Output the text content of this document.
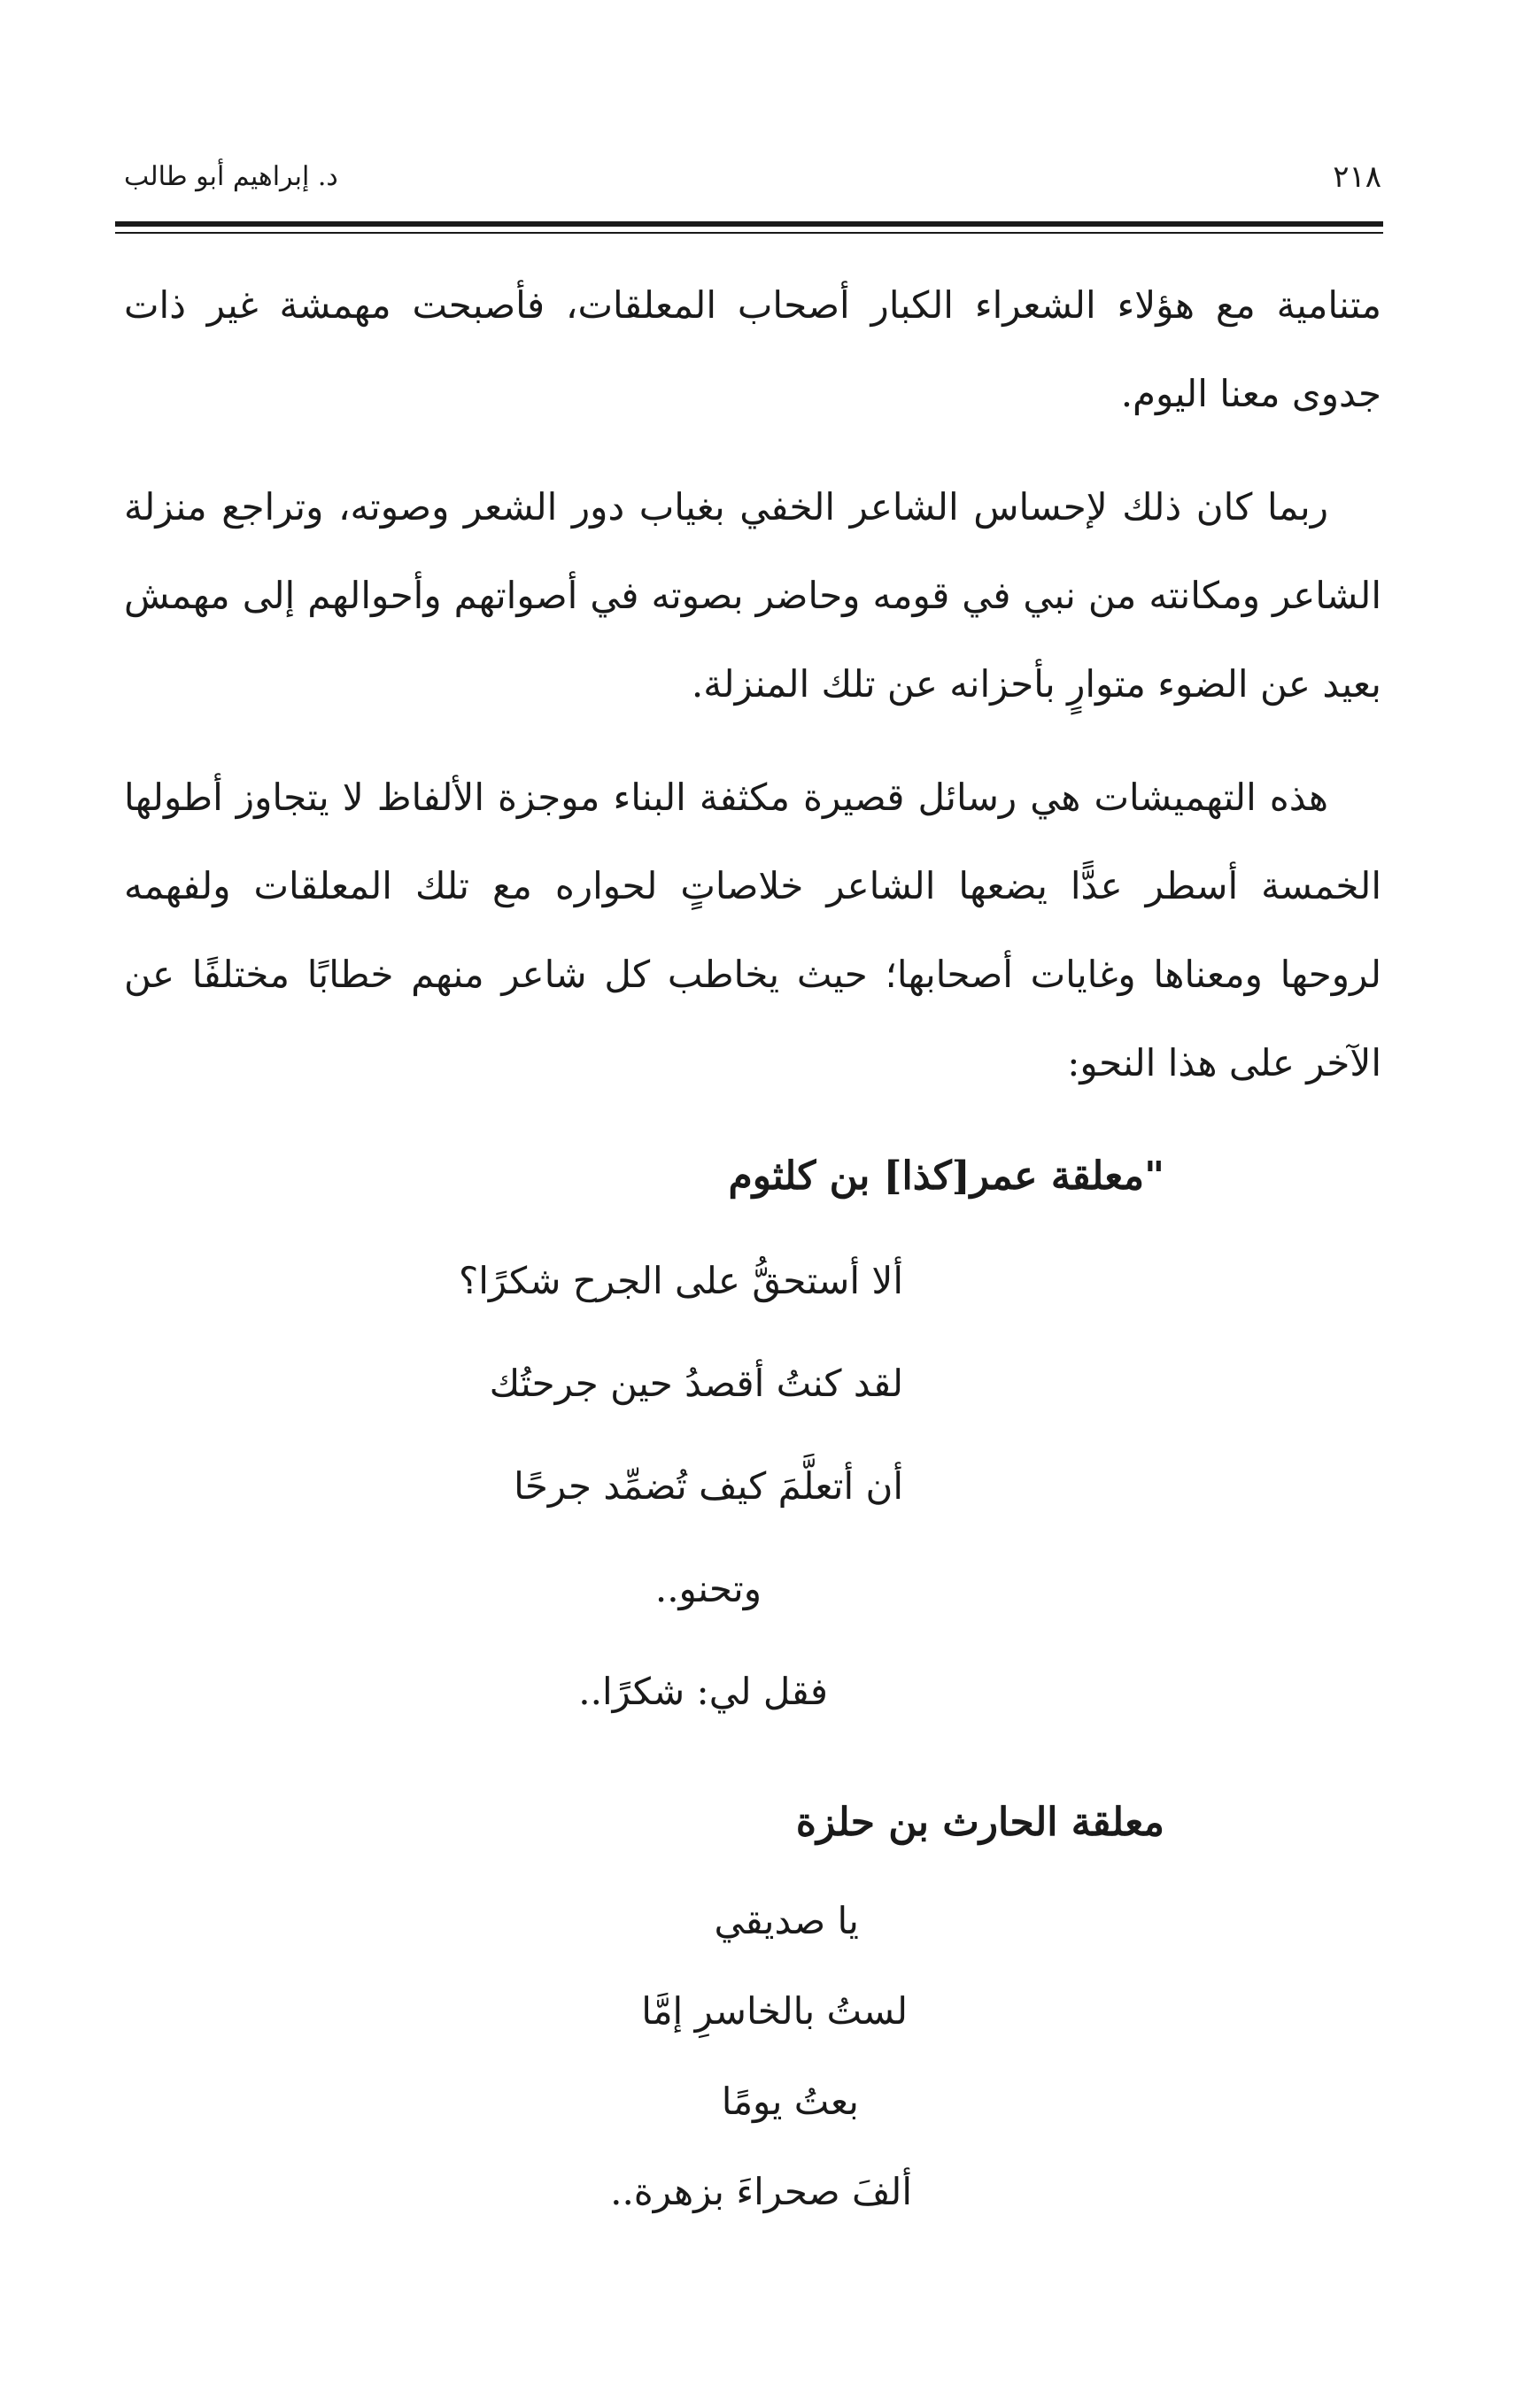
د. إبراهيم أبو طالب	٢١٨

متنامية مع هؤلاء الشعراء الكبار أصحاب المعلقات، فأصبحت مهمشة غير ذات جدوى معنا اليوم.

ربما كان ذلك لإحساس الشاعر الخفي بغياب دور الشعر وصوته، وتراجع منزلة الشاعر ومكانته من نبي في قومه وحاضر بصوته في أصواتهم وأحوالهم إلى مهمش بعيد عن الضوء متوارٍ بأحزانه عن تلك المنزلة.

هذه التهميشات هي رسائل قصيرة مكثفة البناء موجزة الألفاظ لا يتجاوز أطولها الخمسة أسطر عدًّا يضعها الشاعر خلاصاتٍ لحواره مع تلك المعلقات ولفهمه لروحها ومعناها وغايات أصحابها؛ حيث يخاطب كل شاعر منهم خطابًا مختلفًا عن الآخر على هذا النحو:

"معلقة عمر[كذا] بن كلثوم
ألا أستحقُّ على الجرح شكرًا؟
لقد كنتُ أقصدُ حين جرحتُك
أن أتعلَّمَ كيف تُضمِّد جرحًا
وتحنو..
فقل لي: شكرًا..
معلقة الحارث بن حلزة
يا صديقي
لستُ بالخاسرِ إمَّا
بعتُ يومًا
ألفَ صحراءَ بزهرة..
